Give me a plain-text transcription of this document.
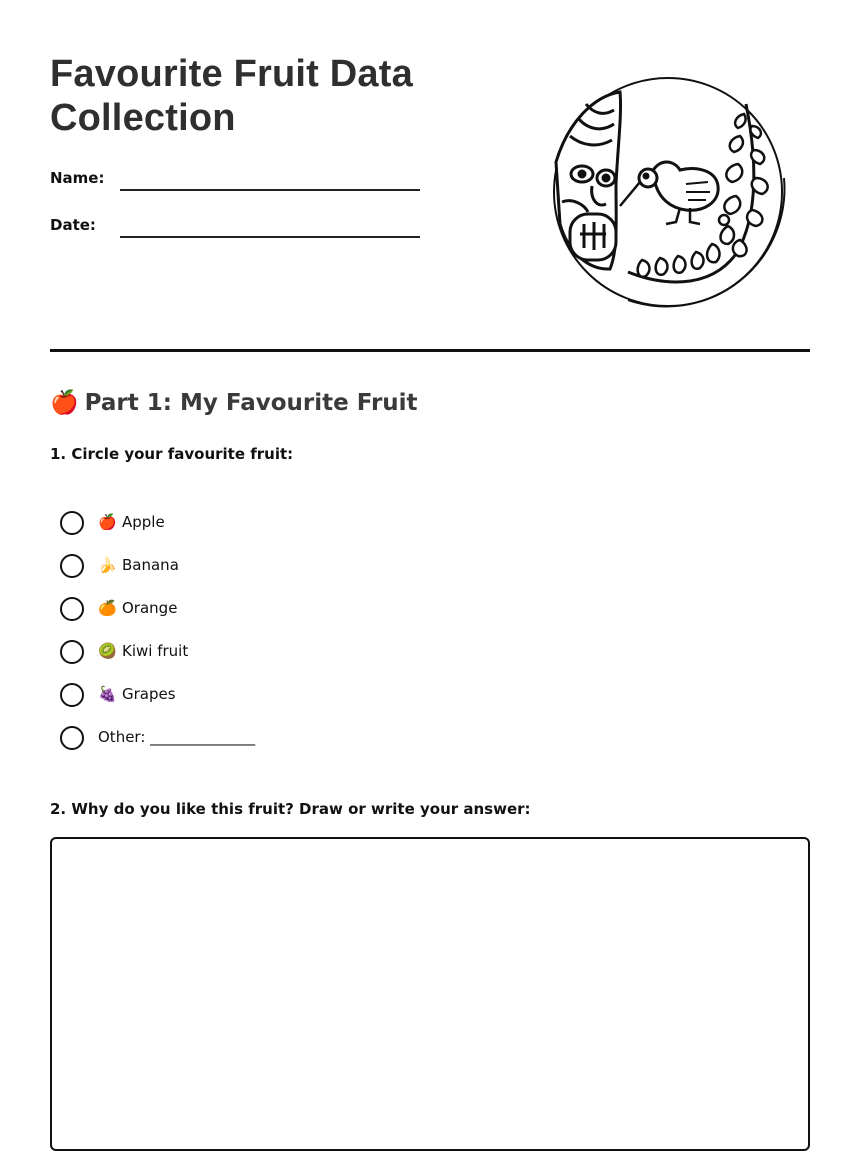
Favourite Fruit Data Collection
Name:
Date:
🍎 Part 1: My Favourite Fruit

1. Circle your favourite fruit:

🍎 Apple
🍌 Banana
🍊 Orange
🥝 Kiwi fruit
🍇 Grapes
Other: ______________

2. Why do you like this fruit? Draw or write your answer:
